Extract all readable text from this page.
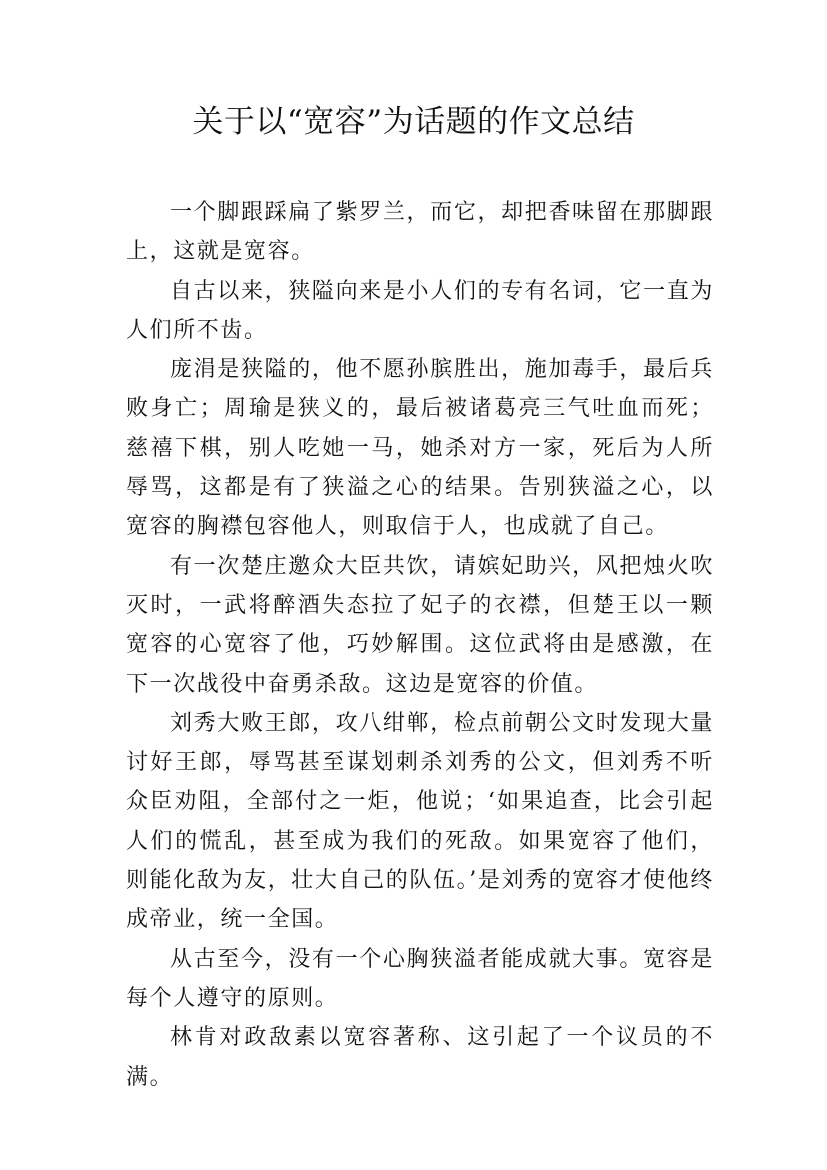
关于以“宽容”为话题的作文总结

一个脚跟踩扁了紫罗兰，而它，却把香味留在那脚跟上，这就是宽容。

自古以来，狭隘向来是小人们的专有名词，它一直为人们所不齿。

庞涓是狭隘的，他不愿孙膑胜出，施加毒手，最后兵败身亡；周瑜是狭义的，最后被诸葛亮三气吐血而死；慈禧下棋，别人吃她一马，她杀对方一家，死后为人所辱骂，这都是有了狭溢之心的结果。告别狭溢之心，以宽容的胸襟包容他人，则取信于人，也成就了自己。

有一次楚庄邀众大臣共饮，请嫔妃助兴，风把烛火吹灭时，一武将醉酒失态拉了妃子的衣襟，但楚王以一颗宽容的心宽容了他，巧妙解围。这位武将由是感激，在下一次战役中奋勇杀敌。这边是宽容的价值。

刘秀大败王郎，攻八绀郸，检点前朝公文时发现大量讨好王郎，辱骂甚至谋划刺杀刘秀的公文，但刘秀不听众臣劝阻，全部付之一炬，他说；‘如果追查，比会引起人们的慌乱，甚至成为我们的死敌。如果宽容了他们，则能化敌为友，壮大自己的队伍。’是刘秀的宽容才使他终成帝业，统一全国。

从古至今，没有一个心胸狭溢者能成就大事。宽容是每个人遵守的原则。

林肯对政敌素以宽容著称、这引起了一个议员的不满。
